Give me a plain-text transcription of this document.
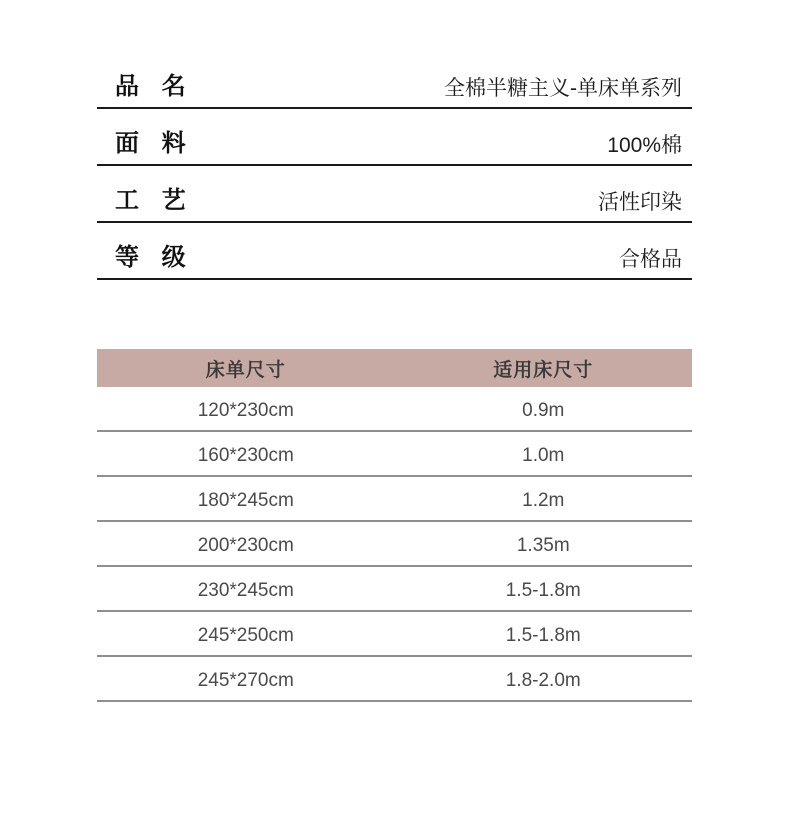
品 名	全棉半糖主义-单床单系列
面 料	100%棉
工 艺	活性印染
等 级	合格品
床单尺寸	适用床尺寸
120*230cm	0.9m
160*230cm	1.0m
180*245cm	1.2m
200*230cm	1.35m
230*245cm	1.5-1.8m
245*250cm	1.5-1.8m
245*270cm	1.8-2.0m
